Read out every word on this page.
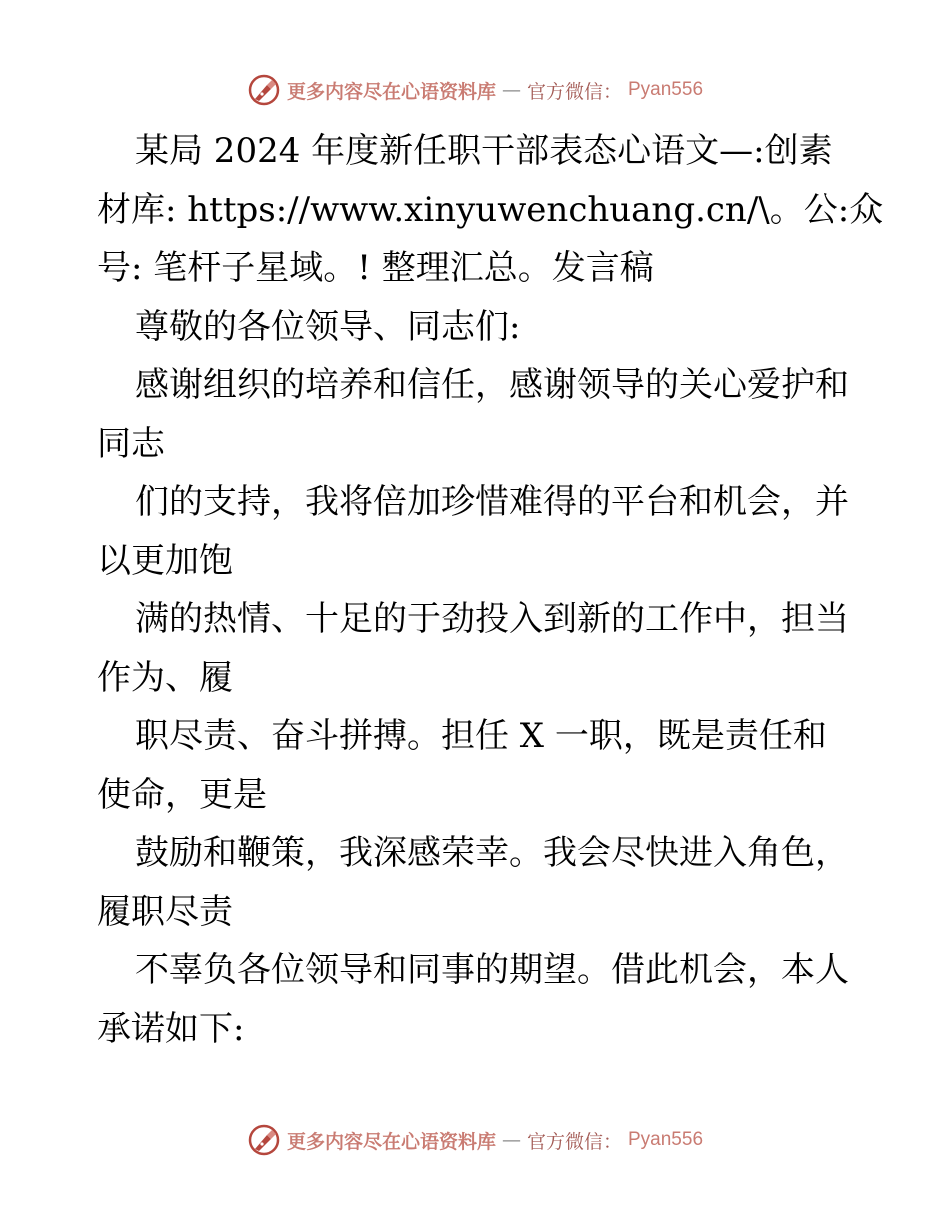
更多内容尽在心语资料库 — 官方微信： Pyan556
某局 2024 年度新任职干部表态心语文—:创素
材库: https://www.xinyuwenchuang.cn/\。公:众
号: 笔杆子星域。! 整理汇总。发言稿
尊敬的各位领导、同志们:
感谢组织的培养和信任，感谢领导的关心爱护和
同志
们的支持，我将倍加珍惜难得的平台和机会，并
以更加饱
满的热情、十足的于劲投入到新的工作中，担当
作为、履
职尽责、奋斗拼搏。担任 X 一职，既是责任和
使命，更是
鼓励和鞭策，我深感荣幸。我会尽快进入角色，
履职尽责
不辜负各位领导和同事的期望。借此机会，本人
承诺如下:
更多内容尽在心语资料库 — 官方微信： Pyan556
